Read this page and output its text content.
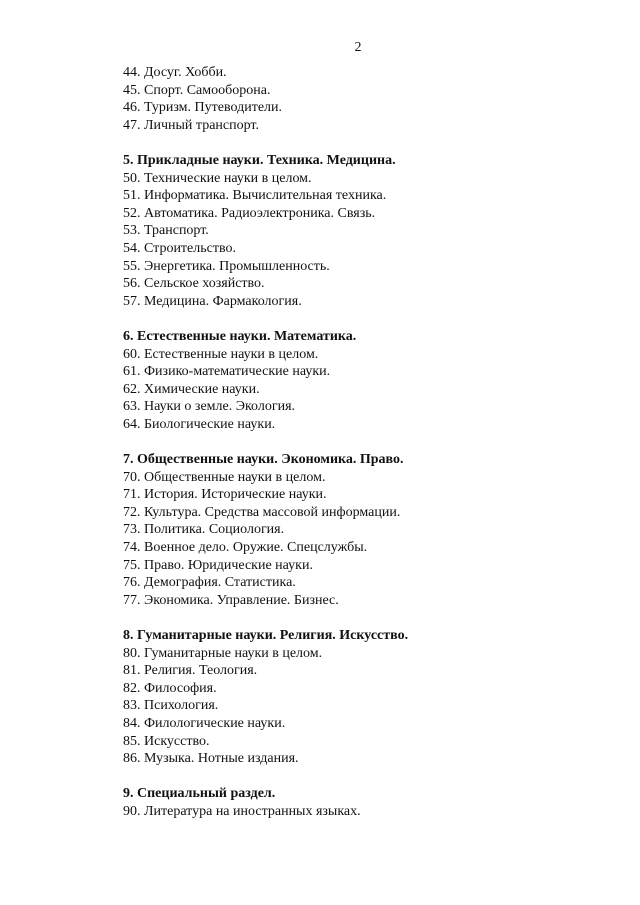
2
44. Досуг. Хобби.
45. Спорт. Самооборона.
46. Туризм. Путеводители.
47. Личный транспорт.
5. Прикладные науки. Техника. Медицина.
50. Технические науки в целом.
51. Информатика. Вычислительная техника.
52. Автоматика. Радиоэлектроника. Связь.
53. Транспорт.
54. Строительство.
55. Энергетика. Промышленность.
56. Сельское хозяйство.
57. Медицина. Фармакология.
6. Естественные науки. Математика.
60. Естественные науки в целом.
61. Физико-математические науки.
62. Химические науки.
63. Науки о земле. Экология.
64. Биологические науки.
7. Общественные науки. Экономика. Право.
70. Общественные науки в целом.
71. История. Исторические науки.
72. Культура. Средства массовой информации.
73. Политика. Социология.
74. Военное дело. Оружие. Спецслужбы.
75. Право. Юридические науки.
76. Демография. Статистика.
77. Экономика. Управление. Бизнес.
8. Гуманитарные науки. Религия. Искусство.
80. Гуманитарные науки в целом.
81. Религия. Теология.
82. Философия.
83. Психология.
84. Филологические науки.
85. Искусство.
86. Музыка. Нотные издания.
9. Специальный раздел.
90. Литература на иностранных языках.
